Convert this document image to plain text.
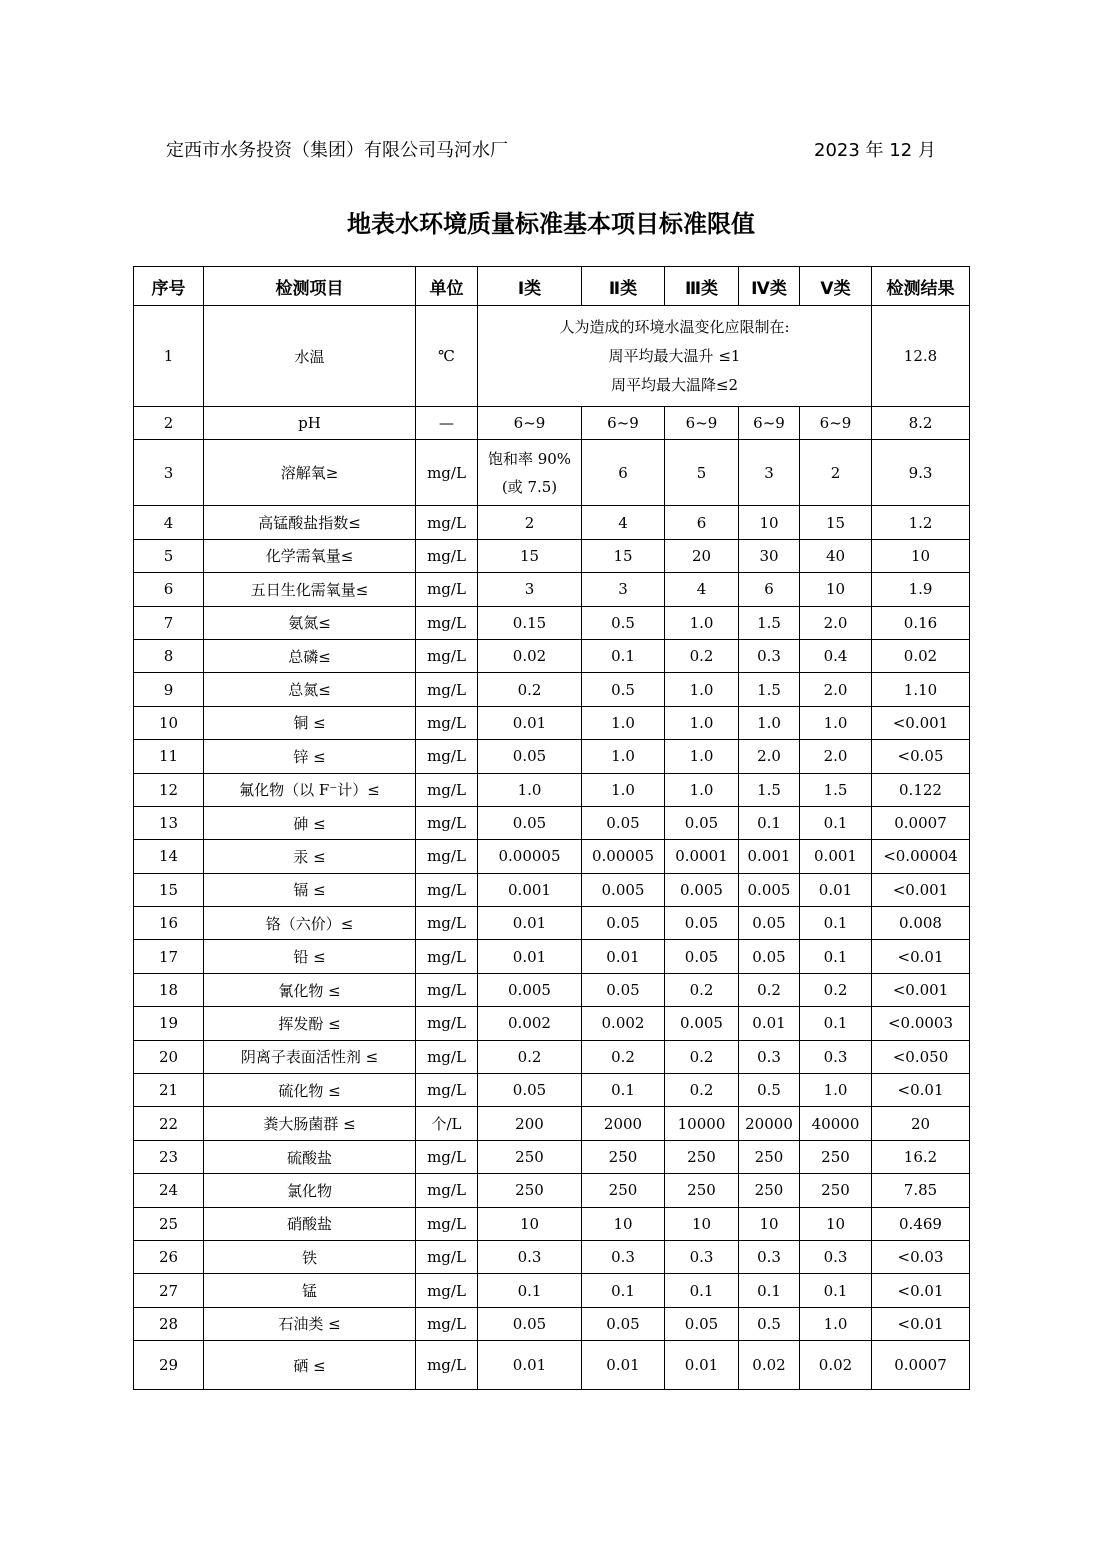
定西市水务投资（集团）有限公司马河水厂	2023 年 12 月
地表水环境质量标准基本项目标准限值
序号	检测项目	单位	Ⅰ类	Ⅱ类	Ⅲ类	Ⅳ类	Ⅴ类	检测结果
1	水温	℃	人为造成的环境水温变化应限制在:
周平均最大温升 ≤1
周平均最大温降≤2					12.8
2	pH	—	6~9	6~9	6~9	6~9	6~9	8.2
3	溶解氧≥	mg/L	饱和率 90%
(或 7.5)	6	5	3	2	9.3
4	高锰酸盐指数≤	mg/L	2	4	6	10	15	1.2
5	化学需氧量≤	mg/L	15	15	20	30	40	10
6	五日生化需氧量≤	mg/L	3	3	4	6	10	1.9
7	氨氮≤	mg/L	0.15	0.5	1.0	1.5	2.0	0.16
8	总磷≤	mg/L	0.02	0.1	0.2	0.3	0.4	0.02
9	总氮≤	mg/L	0.2	0.5	1.0	1.5	2.0	1.10
10	铜 ≤	mg/L	0.01	1.0	1.0	1.0	1.0	<0.001
11	锌 ≤	mg/L	0.05	1.0	1.0	2.0	2.0	<0.05
12	氟化物（以 F⁻计）≤	mg/L	1.0	1.0	1.0	1.5	1.5	0.122
13	砷 ≤	mg/L	0.05	0.05	0.05	0.1	0.1	0.0007
14	汞 ≤	mg/L	0.00005	0.00005	0.0001	0.001	0.001	<0.00004
15	镉 ≤	mg/L	0.001	0.005	0.005	0.005	0.01	<0.001
16	铬（六价）≤	mg/L	0.01	0.05	0.05	0.05	0.1	0.008
17	铅 ≤	mg/L	0.01	0.01	0.05	0.05	0.1	<0.01
18	氰化物 ≤	mg/L	0.005	0.05	0.2	0.2	0.2	<0.001
19	挥发酚 ≤	mg/L	0.002	0.002	0.005	0.01	0.1	<0.0003
20	阴离子表面活性剂 ≤	mg/L	0.2	0.2	0.2	0.3	0.3	<0.050
21	硫化物 ≤	mg/L	0.05	0.1	0.2	0.5	1.0	<0.01
22	粪大肠菌群 ≤	个/L	200	2000	10000	20000	40000	20
23	硫酸盐	mg/L	250	250	250	250	250	16.2
24	氯化物	mg/L	250	250	250	250	250	7.85
25	硝酸盐	mg/L	10	10	10	10	10	0.469
26	铁	mg/L	0.3	0.3	0.3	0.3	0.3	<0.03
27	锰	mg/L	0.1	0.1	0.1	0.1	0.1	<0.01
28	石油类 ≤	mg/L	0.05	0.05	0.05	0.5	1.0	<0.01
29	硒 ≤	mg/L	0.01	0.01	0.01	0.02	0.02	0.0007
